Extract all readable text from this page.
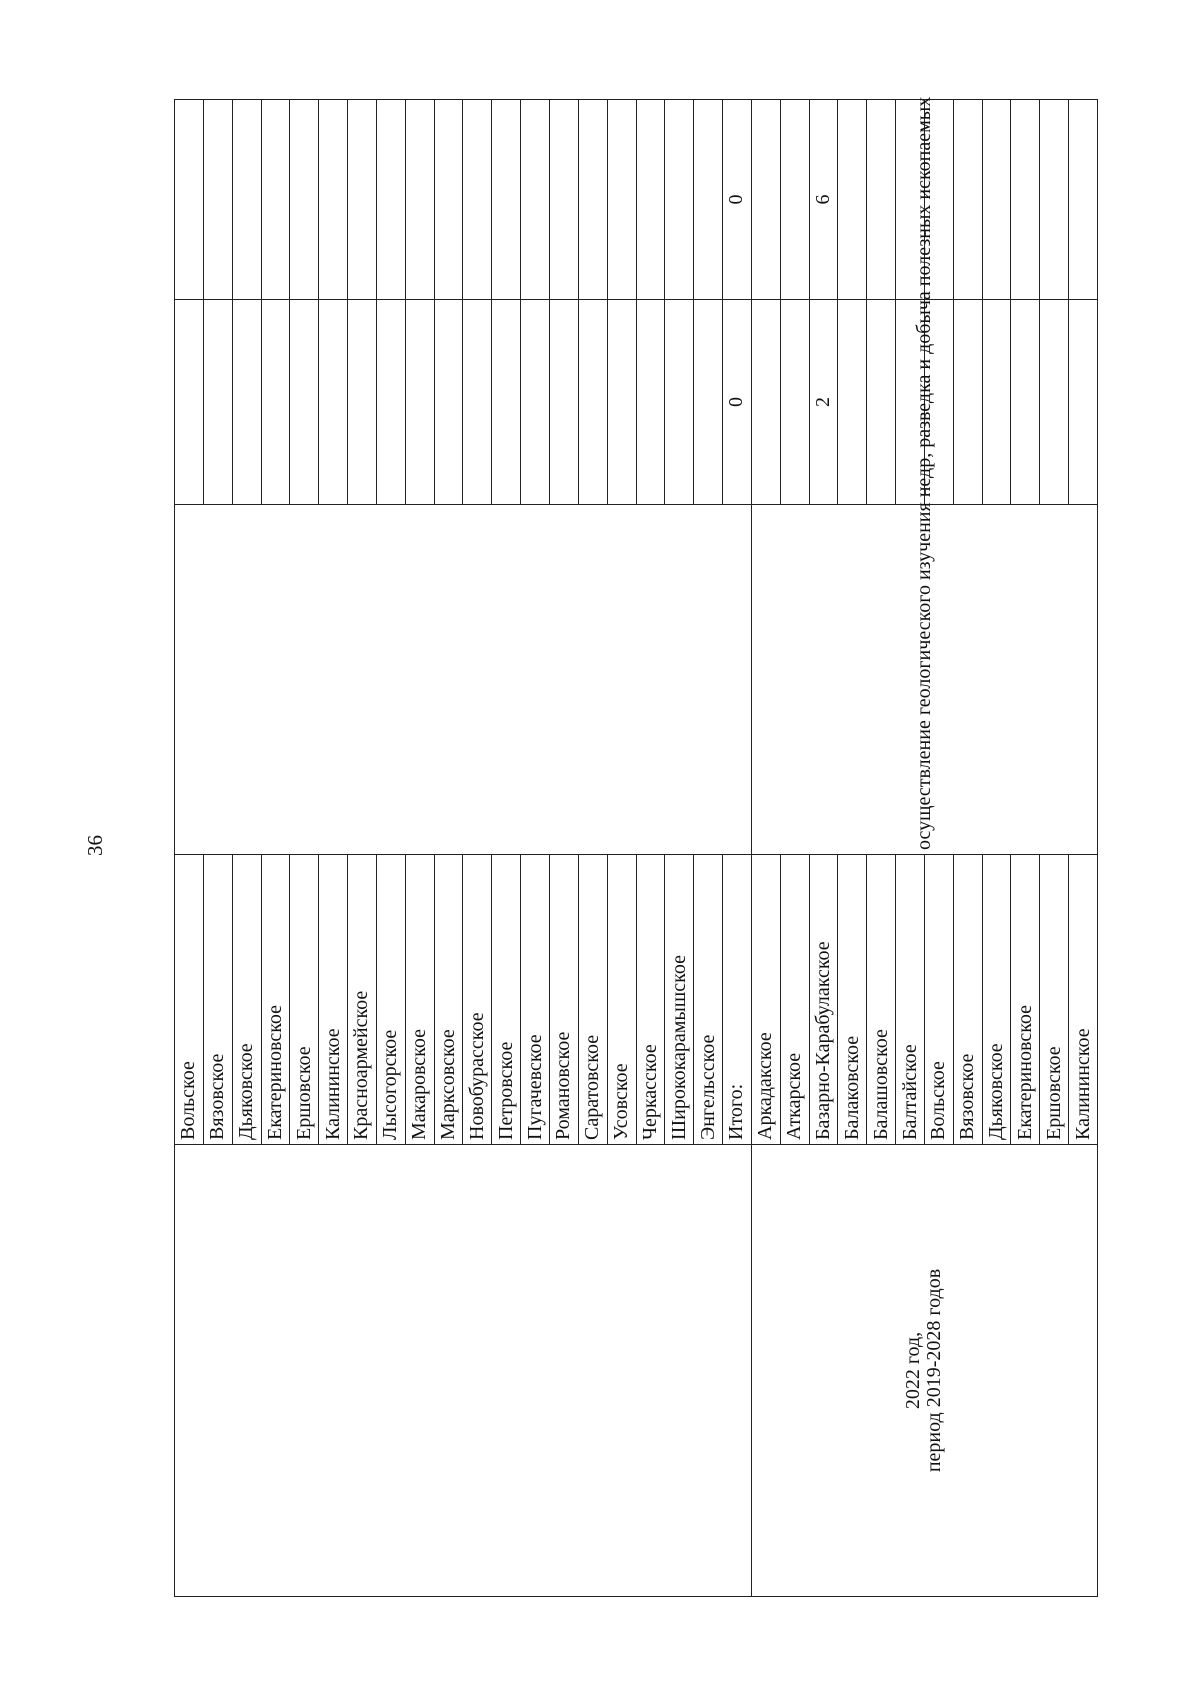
36
	Вольское			
	Вязовское			
	Дьяковское			
	Екатериновское			
	Ершовское			
	Калининское			
	Красноармейское			
	Лысогорское			
	Макаровское			
	Марксовское			
	Новобурасское			
	Петровское			
	Пугачевское			
	Романовское			
	Саратовское			
	Усовское			
	Черкасское			
	Ширококарамышское			
	Энгельсское			
	Итого:		0	0

2022 год, период 2019-2028 годов	Аркадакское	осуществление геологического изучения недр, разведка и добыча полезных ископаемых		
	Аткарское			
	Базарно-Карабулакское		2	6
	Балаковское			
	Балашовское			
	Балтайское			
	Вольское			
	Вязовское			
	Дьяковское			
	Екатериновское			
	Ершовское			
	Калининское			
